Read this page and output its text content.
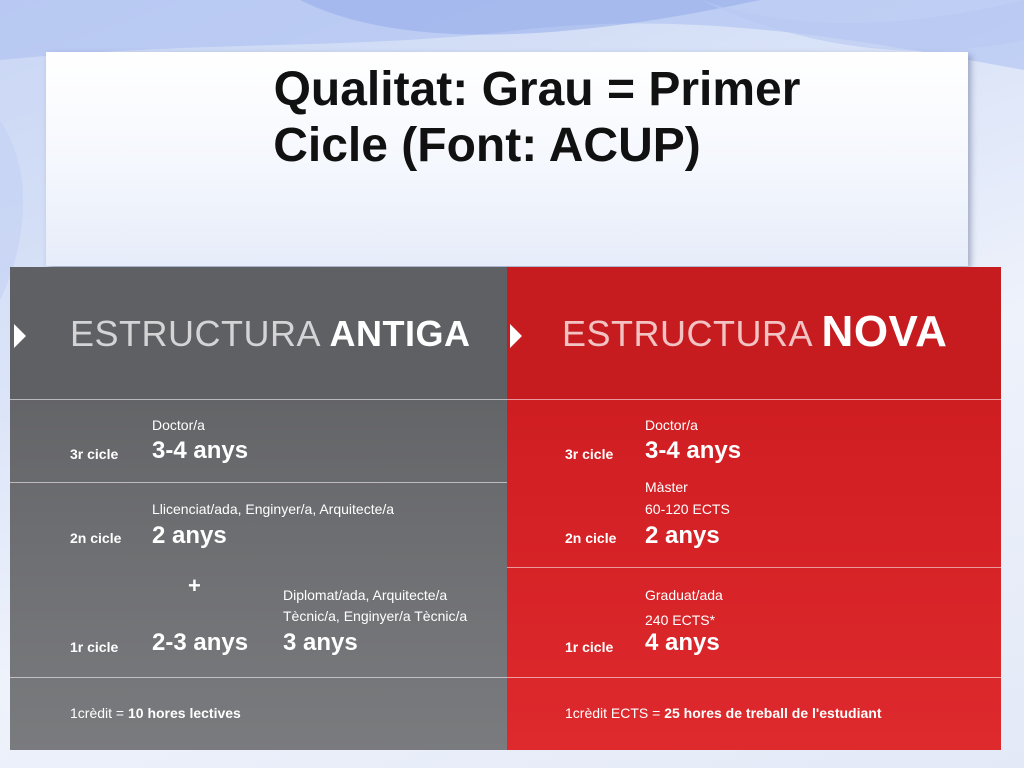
Qualitat: Grau = Primer
Cicle (Font: ACUP)
ESTRUCTURA ANTIGA
Doctor/a
3r cicle 3-4 anys
Llicenciat/ada, Enginyer/a, Arquitecte/a
2n cicle 2 anys
+	Diplomat/ada, Arquitecte/a
Tècnic/a, Enginyer/a Tècnic/a
1r cicle 2-3 anys 3 anys
1crèdit = 10 hores lectives
ESTRUCTURA NOVA
Doctor/a
3r cicle 3-4 anys
Màster
60-120 ECTS
2n cicle 2 anys
Graduat/ada
240 ECTS*
1r cicle 4 anys
1crèdit ECTS = 25 hores de treball de l'estudiant
